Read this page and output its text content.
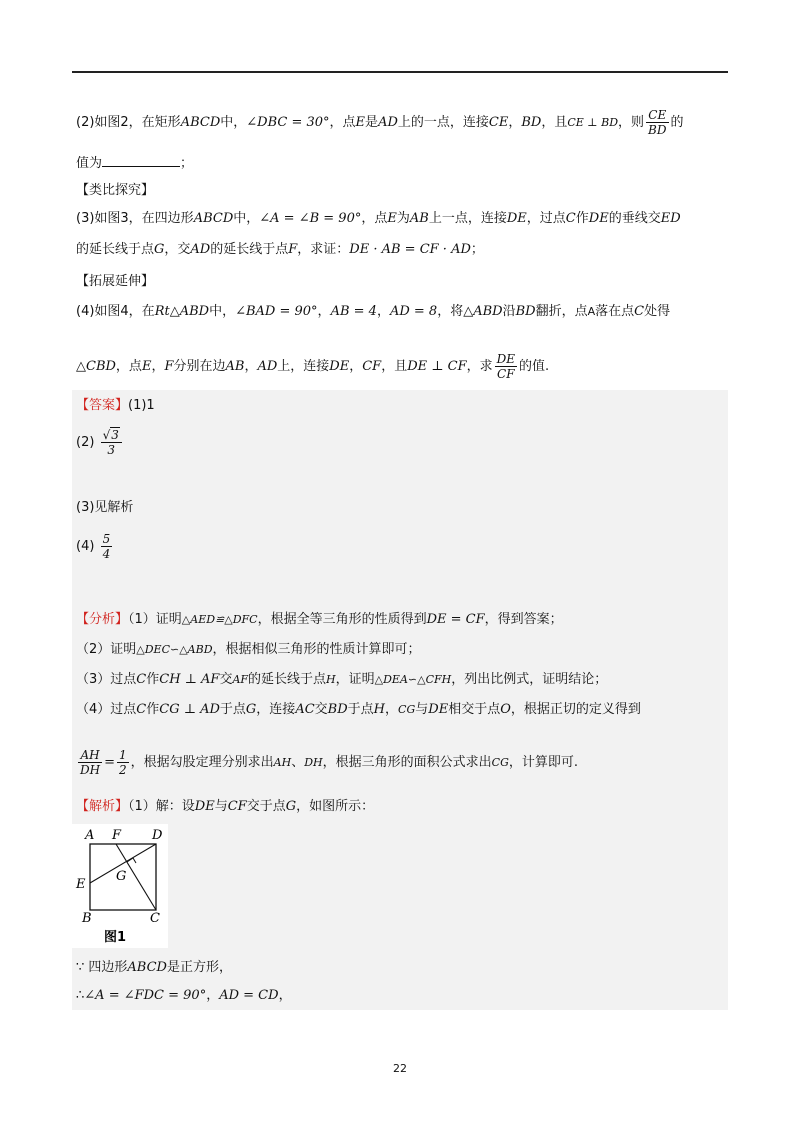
(2)如图2，在矩形ABCD中，∠DBC = 30°，点E是AD上的一点，连接CE，BD，且CE ⊥ BD，则 $\frac{CE}{BD}$ 的
值为	；
【类比探究】
(3)如图3，在四边形ABCD中，∠A = ∠B = 90°，点E为AB上一点，连接DE，过点C作DE的垂线交ED
的延长线于点G，交AD的延长线于点F，求证：DE · AB = CF · AD；
【拓展延伸】
(4)如图4，在Rt△ABD中，∠BAD = 90°，AB = 4，AD = 8，将△ABD沿BD翻折，点A落在点C处得
△CBD，点E，F分别在边AB，AD上，连接DE，CF，且DE ⊥ CF，求 $\frac{DE}{CF}$ 的值.
【答案】(1)1
$(2) \frac{√3}{3}$
(3)见解析
$(4) \frac{5}{4}$
【分析】（1）证明△AED≌△DFC，根据全等三角形的性质得到DE = CF，得到答案；
（2）证明△DEC∽△ABD，根据相似三角形的性质计算即可；
（3）过点C作CH ⊥ AF交AF的延长线于点H，证明△DEA∽△CFH，列出比例式，证明结论；
（4）过点C作CG ⊥ AD于点G，连接AC交BD于点H，CG与DE相交于点O，根据正切的定义得到
$\frac{AH}{DH} = \frac{1}{2}$ ，根据勾股定理分别求出AH、DH，根据三角形的面积公式求出CG，计算即可.
【解析】（1）解：设DE与CF交于点G，如图所示：
A F D
E
G
B	C
图1
∵ 四边形ABCD是正方形，
∴∠A = ∠FDC = 90°，AD = CD，
22
